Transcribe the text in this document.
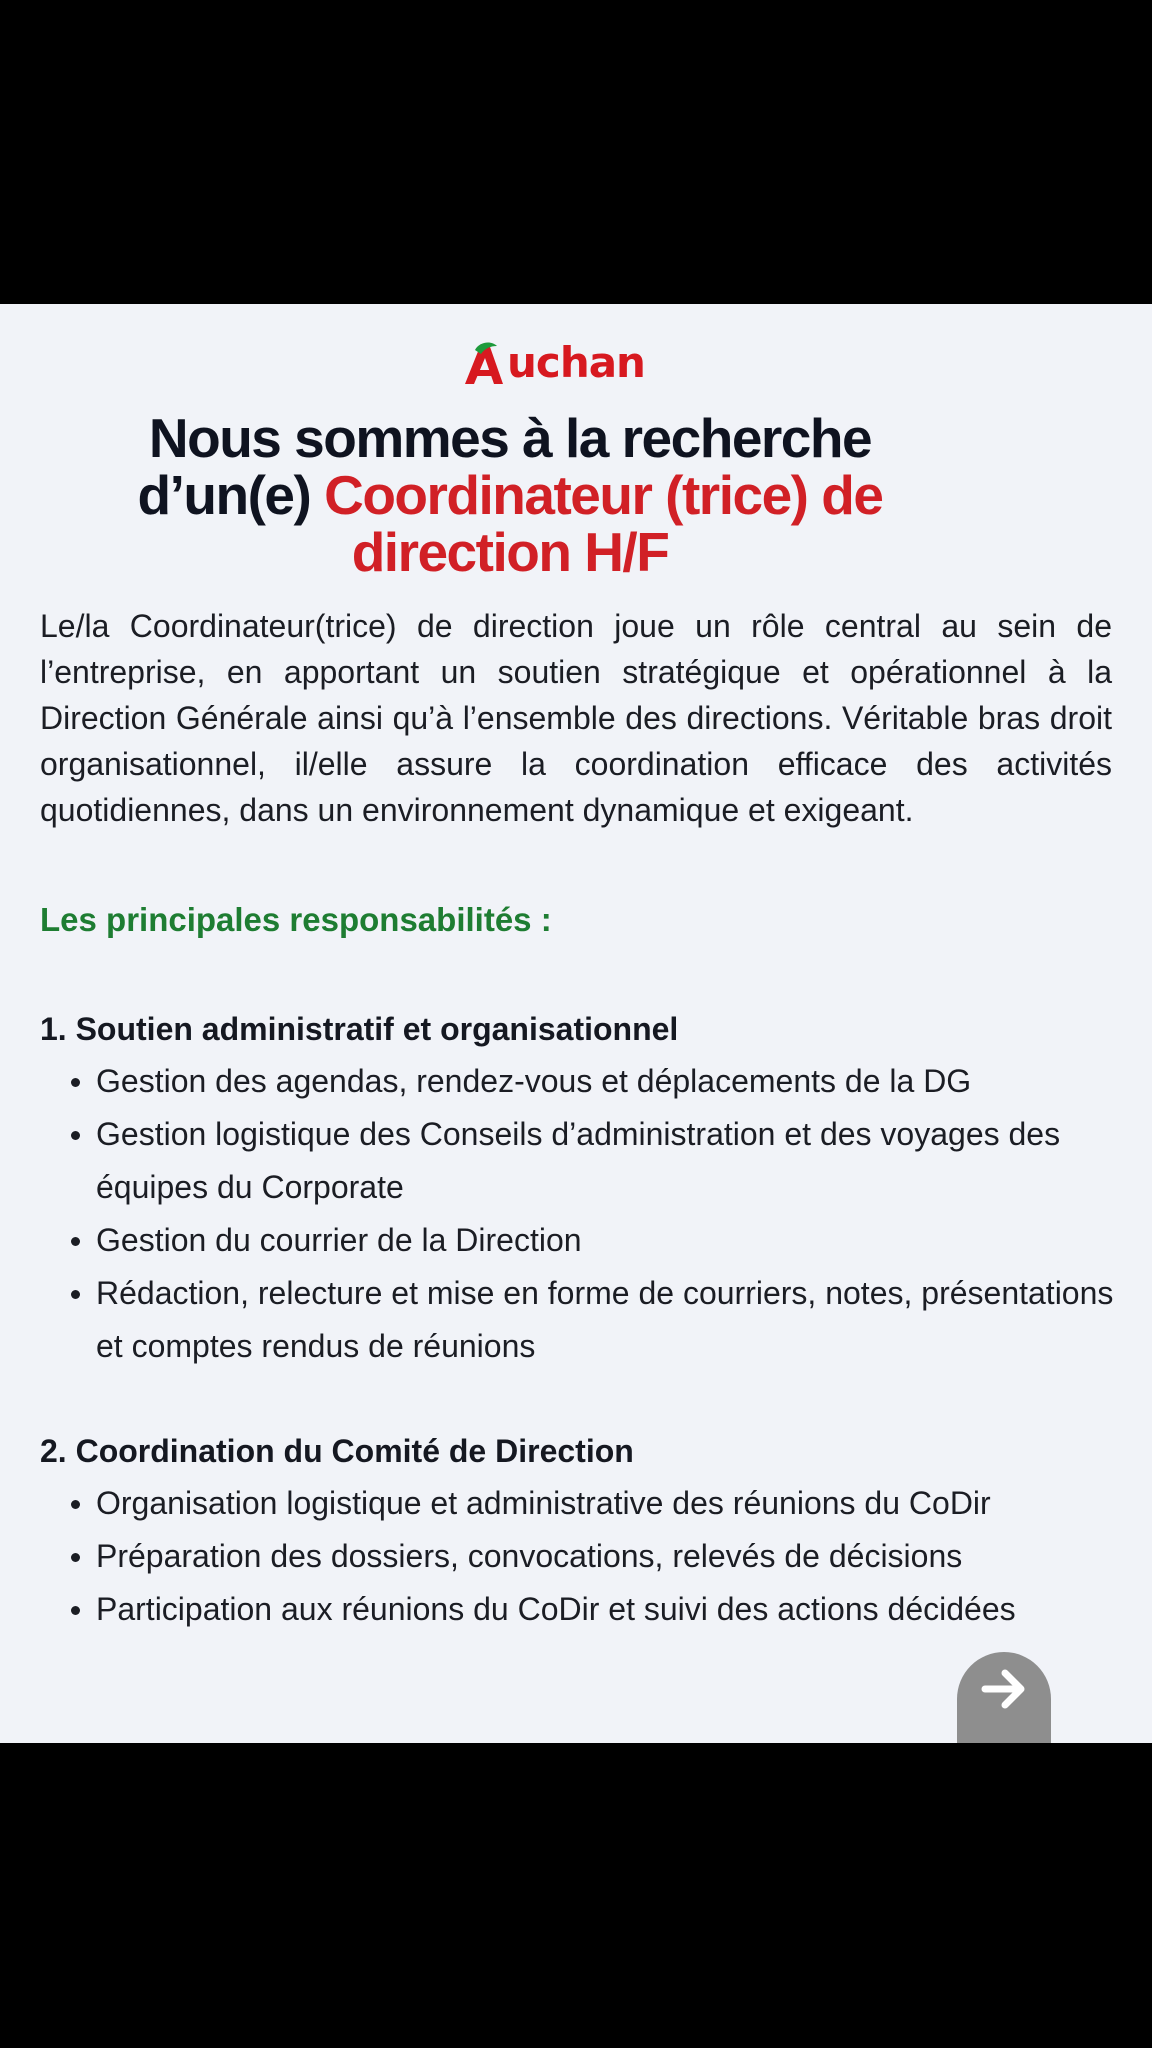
uchan
Nous sommes à la recherche
d’un(e) Coordinateur (trice) de
direction H/F
Le/la Coordinateur(trice) de direction joue un rôle central au sein de l’entreprise, en apportant un soutien stratégique et opérationnel à la Direction Générale ainsi qu’à l’ensemble des directions. Véritable bras droit organisationnel, il/elle assure la coordination efficace des activités quotidiennes, dans un environnement dynamique et exigeant.
Les principales responsabilités :
1. Soutien administratif et organisationnel
Gestion des agendas, rendez-vous et déplacements de la DG
Gestion logistique des Conseils d’administration et des voyages des équipes du Corporate
Gestion du courrier de la Direction
Rédaction, relecture et mise en forme de courriers, notes, présentations et comptes rendus de réunions
2. Coordination du Comité de Direction
Organisation logistique et administrative des réunions du CoDir
Préparation des dossiers, convocations, relevés de décisions
Participation aux réunions du CoDir et suivi des actions décidées
